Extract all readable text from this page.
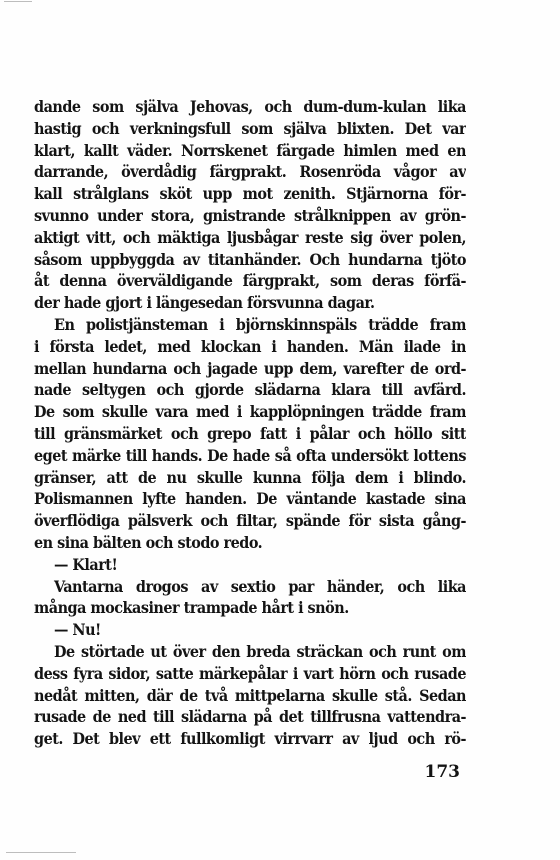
dande som själva Jehovas, och dum-dum-kulan lika
hastig och verkningsfull som själva blixten. Det var
klart, kallt väder. Norrskenet färgade himlen med en
darrande, överdådig färgprakt. Rosenröda vågor av
kall strålglans sköt upp mot zenith. Stjärnorna för-
svunno under stora, gnistrande strålknippen av grön-
aktigt vitt, och mäktiga ljusbågar reste sig över polen,
såsom uppbyggda av titanhänder. Och hundarna tjöto
åt denna överväldigande färgprakt, som deras förfä-
der hade gjort i längesedan försvunna dagar.
En polistjänsteman i björnskinnspäls trädde fram
i första ledet, med klockan i handen. Män ilade in
mellan hundarna och jagade upp dem, varefter de ord-
nade seltygen och gjorde slädarna klara till avfärd.
De som skulle vara med i kapplöpningen trädde fram
till gränsmärket och grepo fatt i pålar och höllo sitt
eget märke till hands. De hade så ofta undersökt lottens
gränser, att de nu skulle kunna följa dem i blindo.
Polismannen lyfte handen. De väntande kastade sina
överflödiga pälsverk och filtar, spände för sista gång-
en sina bälten och stodo redo.
— Klart!
Vantarna drogos av sextio par händer, och lika
många mockasiner trampade hårt i snön.
— Nu!
De störtade ut över den breda sträckan och runt om
dess fyra sidor, satte märkepålar i vart hörn och rusade
nedåt mitten, där de två mittpelarna skulle stå. Sedan
rusade de ned till slädarna på det tillfrusna vattendra-
get. Det blev ett fullkomligt virrvarr av ljud och rö-
173
